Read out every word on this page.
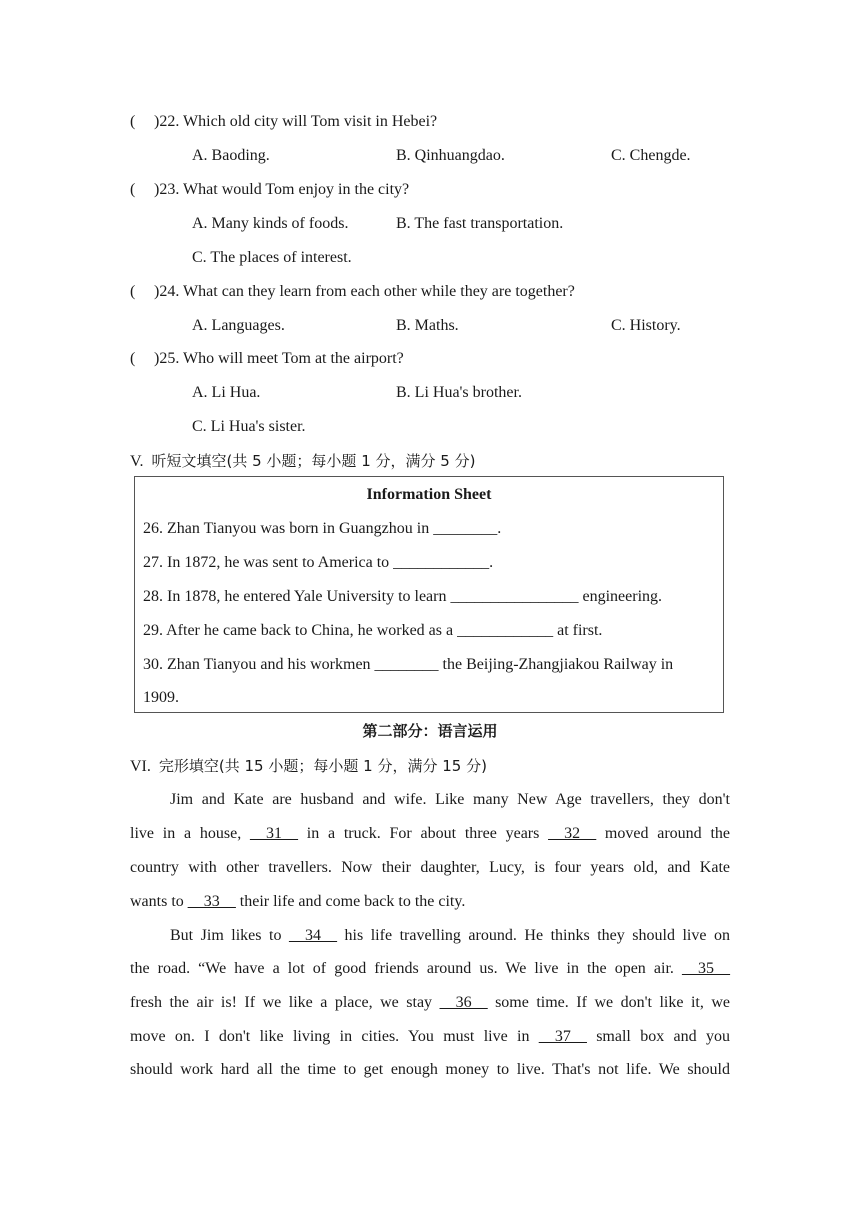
( )22. Which old city will Tom visit in Hebei?
A. Baoding.	B. Qinhuangdao.	C. Chengde.
( )23. What would Tom enjoy in the city?
A. Many kinds of foods.	B. The fast transportation.
C. The places of interest.
( )24. What can they learn from each other while they are together?
A. Languages.	B. Maths.	C. History.
( )25. Who will meet Tom at the airport?
A. Li Hua.	B. Li Hua's brother.
C. Li Hua's sister.
V. 听短文填空(共 5 小题；每小题 1 分，满分 5 分)
Information Sheet
26. Zhan Tianyou was born in Guangzhou in ________.
27. In 1872, he was sent to America to ____________.
28. In 1878, he entered Yale University to learn ________________ engineering.
29. After he came back to China, he worked as a ____________ at first.
30. Zhan Tianyou and his workmen ________ the Beijing-Zhangjiakou Railway in
1909.
第二部分：语言运用
VI. 完形填空(共 15 小题；每小题 1 分，满分 15 分)
Jim and Kate are husband and wife. Like many New Age travellers, they don't
live in a house, __31__ in a truck. For about three years __32__ moved around the
country with other travellers. Now their daughter, Lucy, is four years old, and Kate
wants to __33__ their life and come back to the city.
But Jim likes to __34__ his life travelling around. He thinks they should live on
the road. “We have a lot of good friends around us. We live in the open air. __35__
fresh the air is! If we like a place, we stay __36__ some time. If we don't like it, we
move on. I don't like living in cities. You must live in __37__ small box and you
should work hard all the time to get enough money to live. That's not life. We should
